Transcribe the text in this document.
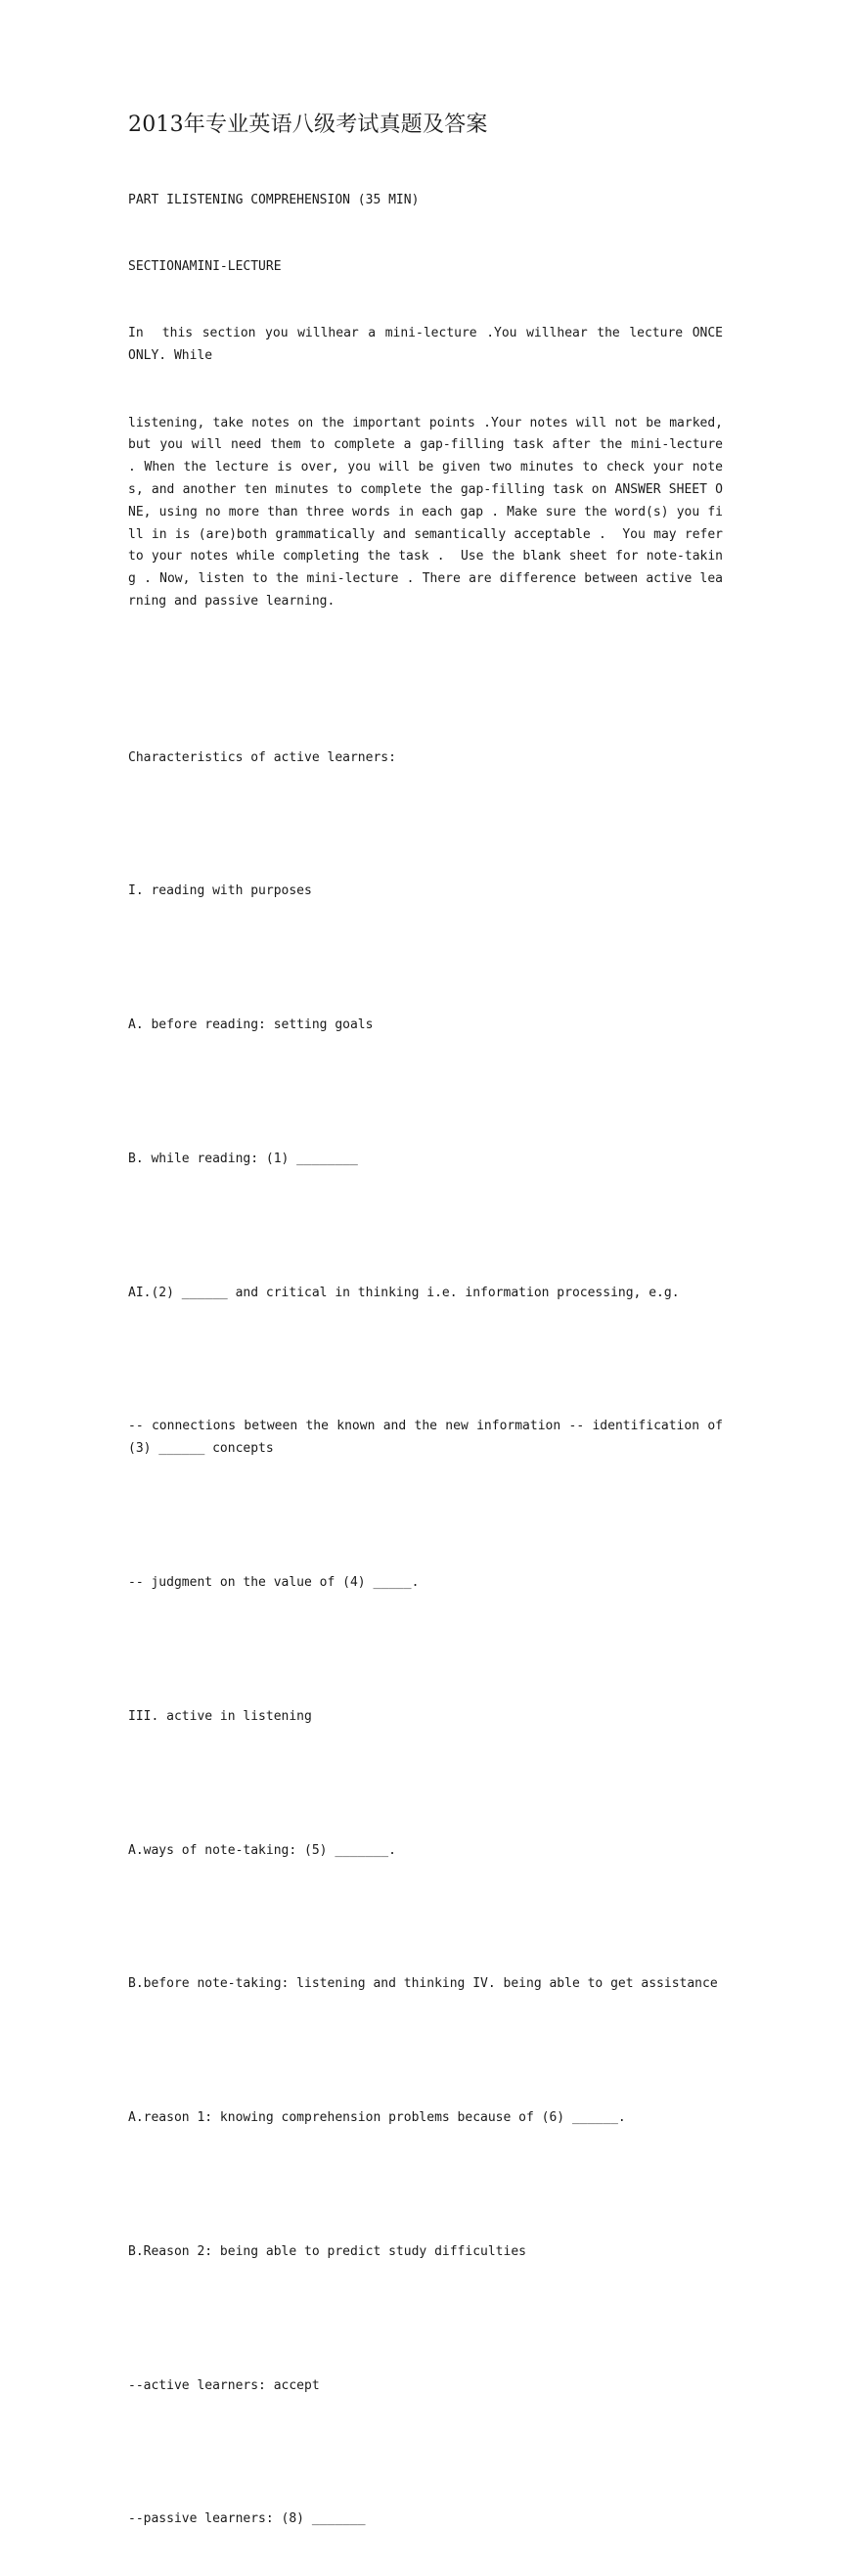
2013年专业英语八级考试真题及答案

PART ILISTENING COMPREHENSION (35 MIN)

SECTIONAMINI-LECTURE

In  this section you willhear a mini-lecture .You willhear the lecture ONCE  ONLY. While

listening, take notes on the important points .Your notes will not be marked, but you will need them to complete a gap-filling task after the mini-lecture . When the lecture is over, you will be given two minutes to check your notes, and another ten minutes to complete the gap-filling task on ANSWER SHEET ONE, using no more than three words in each gap . Make sure the word(s) you fill in is (are)both grammatically and semantically acceptable .  You may refer to your notes while completing the task .  Use the blank sheet for note-taking . Now, listen to the mini-lecture . There are difference between active learning and passive learning.

Characteristics of active learners:

I. reading with purposes

A. before reading: setting goals

B. while reading: (1) ________

AI.(2) ______ and critical in thinking i.e. information processing, e.g.

-- connections between the known and the new information -- identification of (3) ______ concepts

-- judgment on the value of (4) _____.

III. active in listening

A.ways of note-taking: (5) _______.

B.before note-taking: listening and thinking IV. being able to get assistance

A.reason 1: knowing comprehension problems because of (6) ______.

B.Reason 2: being able to predict study difficulties

--active learners: accept

--passive learners: (8) _______
